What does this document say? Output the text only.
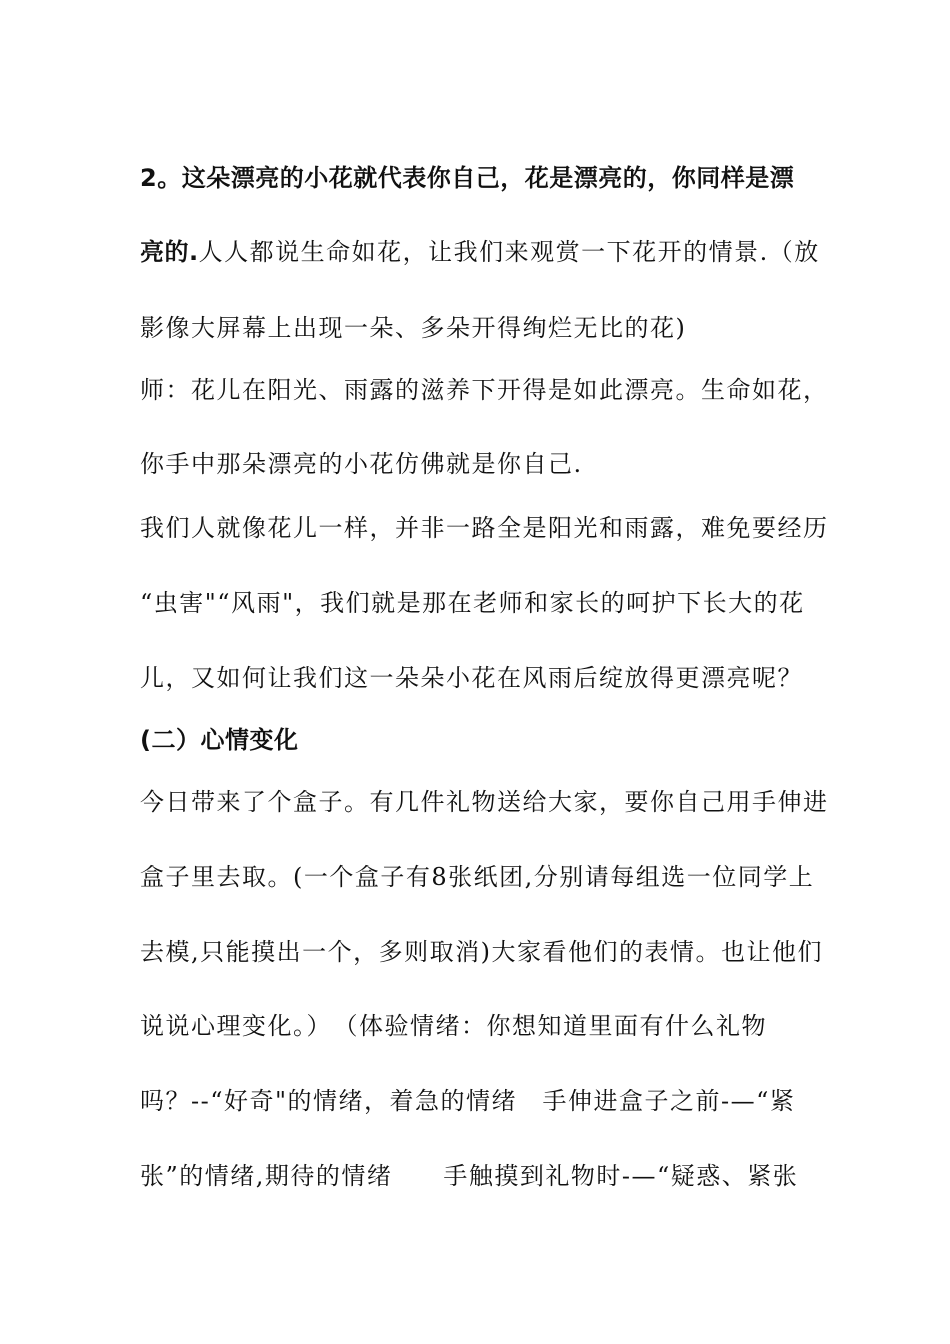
2。这朵漂亮的小花就代表你自己，花是漂亮的，你同样是漂
亮的.人人都说生命如花，让我们来观赏一下花开的情景.（放
影像大屏幕上出现一朵、多朵开得绚烂无比的花)
师：花儿在阳光、雨露的滋养下开得是如此漂亮。生命如花，
你手中那朵漂亮的小花仿佛就是你自己.
我们人就像花儿一样，并非一路全是阳光和雨露，难免要经历
“虫害"“风雨"，我们就是那在老师和家长的呵护下长大的花
儿，又如何让我们这一朵朵小花在风雨后绽放得更漂亮呢？
(二）心情变化
今日带来了个盒子。有几件礼物送给大家，要你自己用手伸进
盒子里去取。(一个盒子有8张纸团,分别请每组选一位同学上
去模,只能摸出一个，多则取消)大家看他们的表情。也让他们
说说心理变化。）　（体验情绪：你想知道里面有什么礼物
吗？--“好奇"的情绪，着急的情绪　手伸进盒子之前-—“紧
张”的情绪,期待的情绪　　手触摸到礼物时-—“疑惑、紧张
